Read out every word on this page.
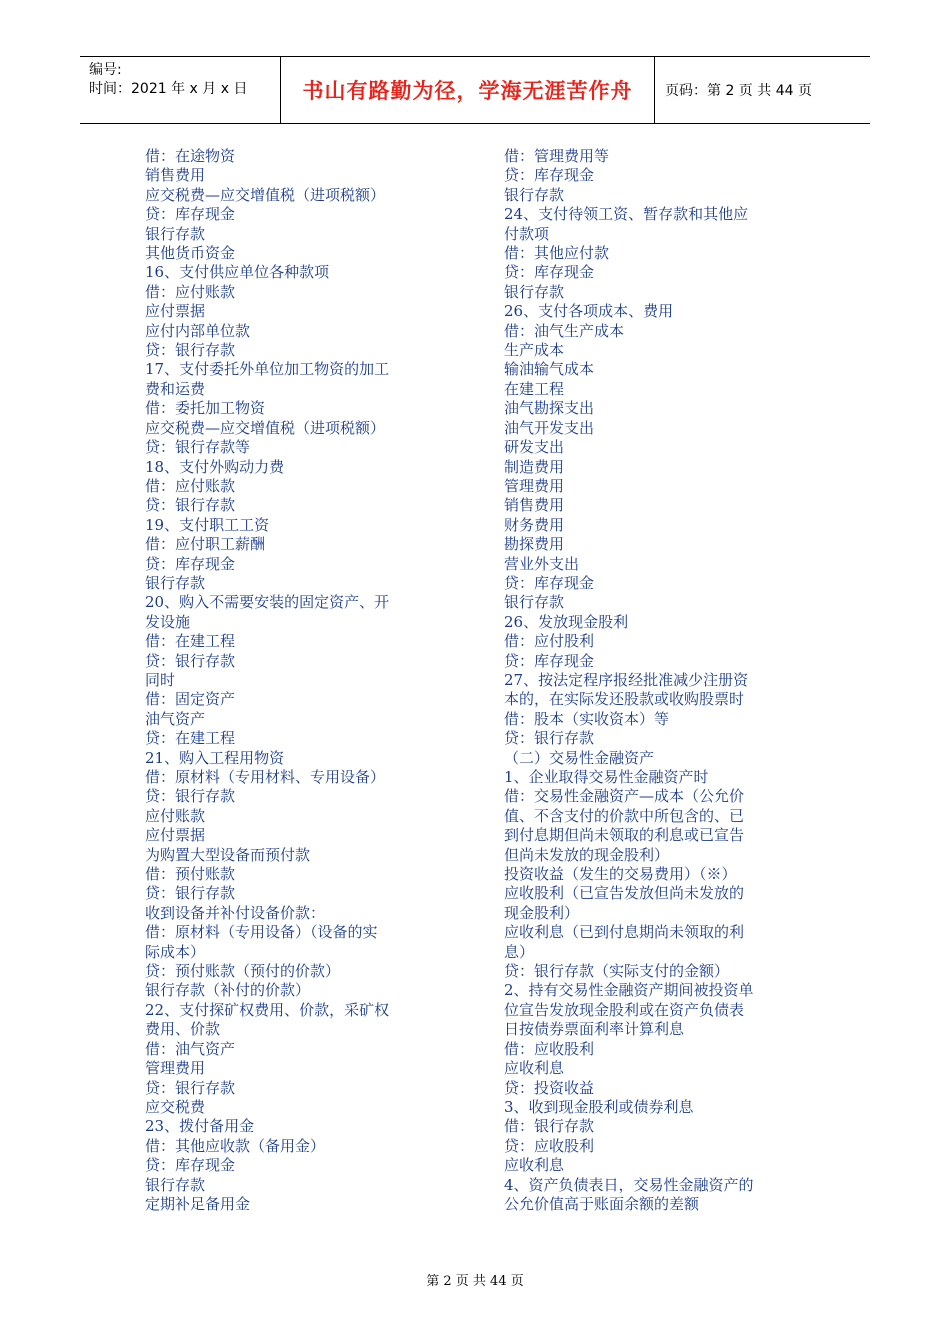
编号:
时间：2021 年 x 月 x 日	书山有路勤为径，学海无涯苦作舟 页码：第 2 页 共 44 页
借：在途物资
销售费用
应交税费—应交增值税（进项税额）
贷：库存现金
银行存款
其他货币资金
16、支付供应单位各种款项
借：应付账款
应付票据
应付内部单位款
贷：银行存款
17、支付委托外单位加工物资的加工
费和运费
借：委托加工物资
应交税费—应交增值税（进项税额）
贷：银行存款等
18、支付外购动力费
借：应付账款
贷：银行存款
19、支付职工工资
借：应付职工薪酬
贷：库存现金
银行存款
20、购入不需要安装的固定资产、开
发设施
借：在建工程
贷：银行存款
同时
借：固定资产
油气资产
贷：在建工程
21、购入工程用物资
借：原材料（专用材料、专用设备）
贷：银行存款
应付账款
应付票据
为购置大型设备而预付款
借：预付账款
贷：银行存款
收到设备并补付设备价款：
借：原材料（专用设备）（设备的实
际成本）
贷：预付账款（预付的价款）
银行存款（补付的价款）
22、支付探矿权费用、价款，采矿权
费用、价款
借：油气资产
管理费用
贷：银行存款
应交税费
23、拨付备用金
借：其他应收款（备用金）
贷：库存现金
银行存款
定期补足备用金
借：管理费用等
贷：库存现金
银行存款
24、支付待领工资、暂存款和其他应
付款项
借：其他应付款
贷：库存现金
银行存款
26、支付各项成本、费用
借：油气生产成本
生产成本
输油输气成本
在建工程
油气勘探支出
油气开发支出
研发支出
制造费用
管理费用
销售费用
财务费用
勘探费用
营业外支出
贷：库存现金
银行存款
26、发放现金股利
借：应付股利
贷：库存现金
27、按法定程序报经批准减少注册资
本的，在实际发还股款或收购股票时
借：股本（实收资本）等
贷：银行存款
（二）交易性金融资产
1、企业取得交易性金融资产时
借：交易性金融资产—成本（公允价
值、不含支付的价款中所包含的、已
到付息期但尚未领取的利息或已宣告
但尚未发放的现金股利）
投资收益（发生的交易费用）（※）
应收股利（已宣告发放但尚未发放的
现金股利）
应收利息（已到付息期尚未领取的利
息）
贷：银行存款（实际支付的金额）
2、持有交易性金融资产期间被投资单
位宣告发放现金股利或在资产负债表
日按债券票面利率计算利息
借：应收股利
应收利息
贷：投资收益
3、收到现金股利或债券利息
借：银行存款
贷：应收股利
应收利息
4、资产负债表日，交易性金融资产的
公允价值高于账面余额的差额
第 2 页 共 44 页
